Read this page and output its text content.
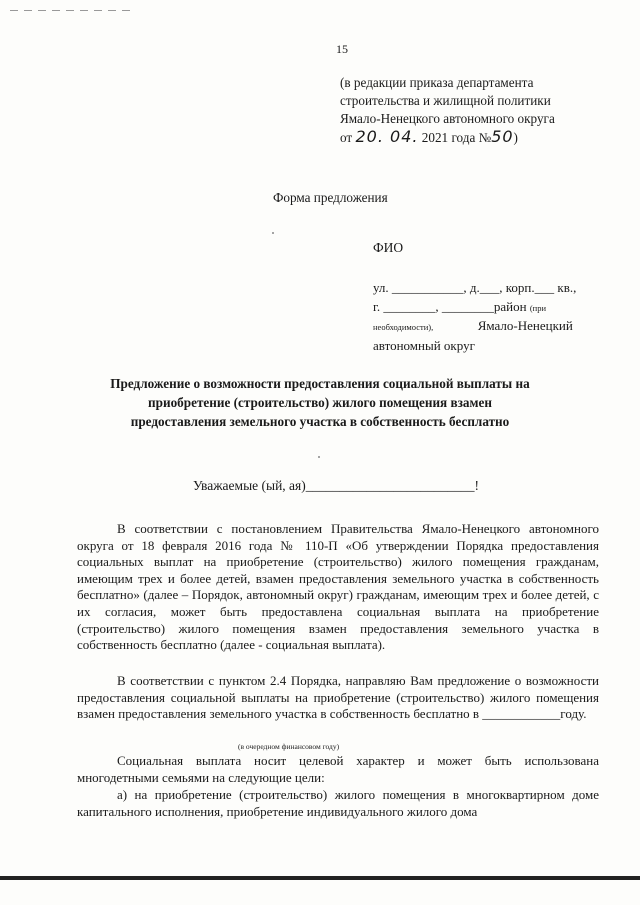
15
(в редакции приказа департамента
строительства и жилищной политики
Ямало-Ненецкого автономного округа
от 20. 04. 2021 года №50)
Форма предложения
ФИО
ул. ___________, д.___, корп.___ кв.,
г. ________, ________район (при
необходимости),	Ямало-Ненецкий
автономный округ
Предложение о возможности предоставления социальной выплаты на
приобретение (строительство) жилого помещения взамен
предоставления земельного участка в собственность бесплатно
Уважаемые (ый, ая)_________________________!
В соответствии с постановлением Правительства Ямало-Ненецкого автономного округа от 18 февраля 2016 года № 110-П «Об утверждении Порядка предоставления социальных выплат на приобретение (строительство) жилого помещения гражданам, имеющим трех и более детей, взамен предоставления земельного участка в собственность бесплатно» (далее – Порядок, автономный округ) гражданам, имеющим трех и более детей, с их согласия, может быть предоставлена социальная выплата на приобретение (строительство) жилого помещения взамен предоставления земельного участка в собственность бесплатно (далее - социальная выплата).
В соответствии с пунктом 2.4 Порядка, направляю Вам предложение о возможности предоставления социальной выплаты на приобретение (строительство) жилого помещения взамен предоставления земельного участка в собственность бесплатно в ____________году.
(в очередном финансовом году)
Социальная выплата носит целевой характер и может быть использована многодетными семьями на следующие цели:
а) на приобретение (строительство) жилого помещения в многоквартирном доме капитального исполнения, приобретение индивидуального жилого дома
